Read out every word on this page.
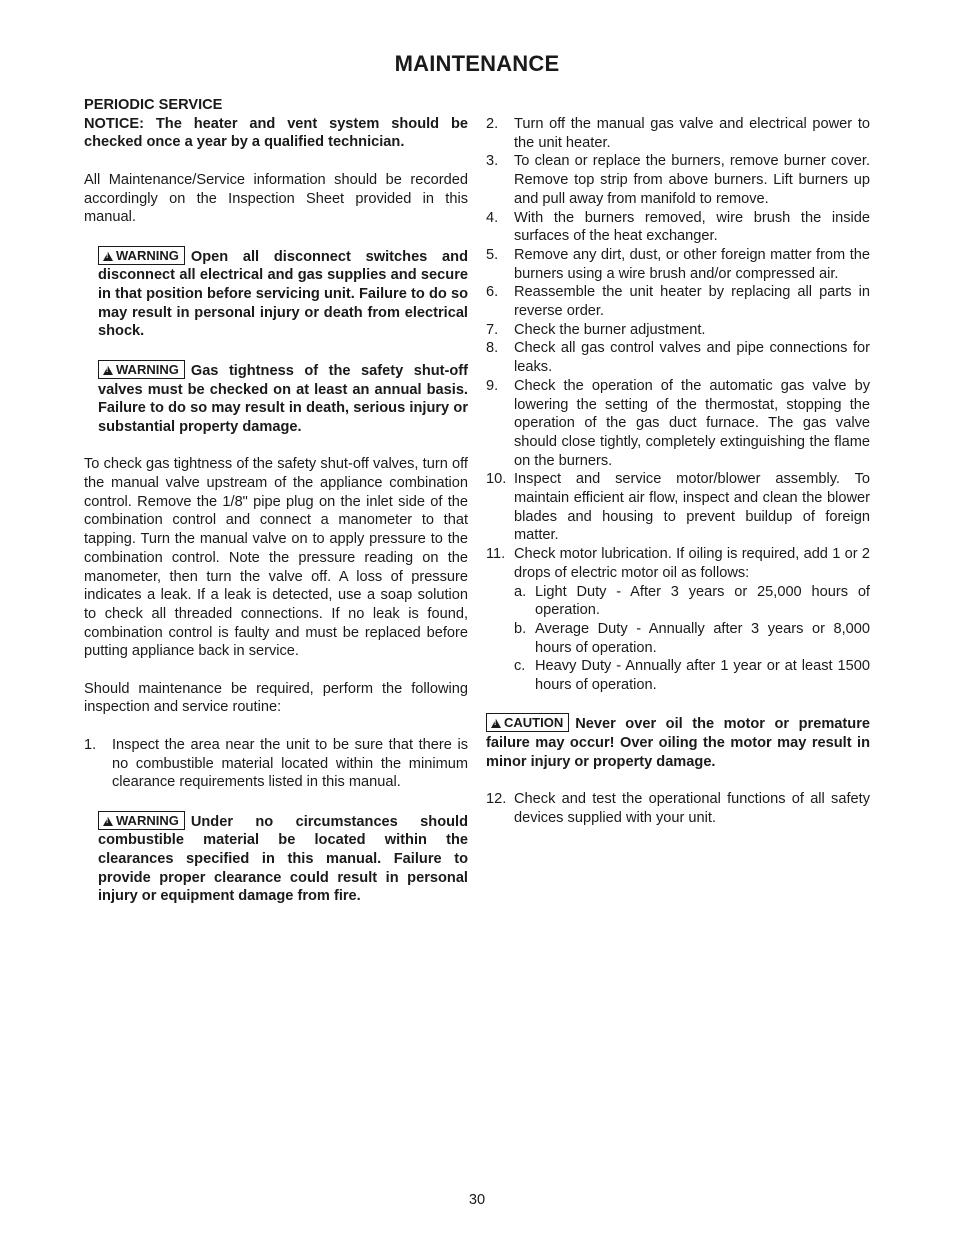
MAINTENANCE

PERIODIC SERVICE

NOTICE: The heater and vent system should be checked once a year by a qualified technician.

All Maintenance/Service information should be recorded accordingly on the Inspection Sheet provided in this manual.

!WARNING Open all disconnect switches and disconnect all electrical and gas supplies and secure in that position before servicing unit. Failure to do so may result in personal injury or death from electrical shock.

!WARNING Gas tightness of the safety shut-off valves must be checked on at least an annual basis. Failure to do so may result in death, serious injury or substantial property damage.

To check gas tightness of the safety shut-off valves, turn off the manual valve upstream of the appliance combination control. Remove the 1/8" pipe plug on the inlet side of the combination control and connect a manometer to that tapping. Turn the manual valve on to apply pressure to the combination control. Note the pressure reading on the manometer, then turn the valve off. A loss of pressure indicates a leak. If a leak is detected, use a soap solution to check all threaded connections. If no leak is found, combination control is faulty and must be replaced before putting appliance back in service.

Should maintenance be required, perform the following inspection and service routine:

1.	Inspect the area near the unit to be sure that there is no combustible material located within the minimum clearance requirements listed in this manual.

!WARNING Under no circumstances should combustible material be located within the clearances specified in this manual. Failure to provide proper clearance could result in personal injury or equipment damage from fire.

2.	Turn off the manual gas valve and electrical power to the unit heater.
3.	To clean or replace the burners, remove burner cover. Remove top strip from above burners. Lift burners up and pull away from manifold to remove.
4.	With the burners removed, wire brush the inside surfaces of the heat exchanger.
5.	Remove any dirt, dust, or other foreign matter from the burners using a wire brush and/or compressed air.
6.	Reassemble the unit heater by replacing all parts in reverse order.
7.	Check the burner adjustment.
8.	Check all gas control valves and pipe connections for leaks.
9.	Check the operation of the automatic gas valve by lowering the setting of the thermostat, stopping the operation of the gas duct furnace. The gas valve should close tightly, completely extinguishing the flame on the burners.
10. Inspect and service motor/blower assembly. To maintain efficient air flow, inspect and clean the blower blades and housing to prevent buildup of foreign matter.
11. Check motor lubrication. If oiling is required, add 1 or 2 drops of electric motor oil as follows:
a. Light Duty - After 3 years or 25,000 hours of operation.
b. Average Duty - Annually after 3 years or 8,000 hours of operation.
c. Heavy Duty - Annually after 1 year or at least 1500 hours of operation.

!CAUTION Never over oil the motor or premature failure may occur! Over oiling the motor may result in minor injury or property damage.

12. Check and test the operational functions of all safety devices supplied with your unit.
30
